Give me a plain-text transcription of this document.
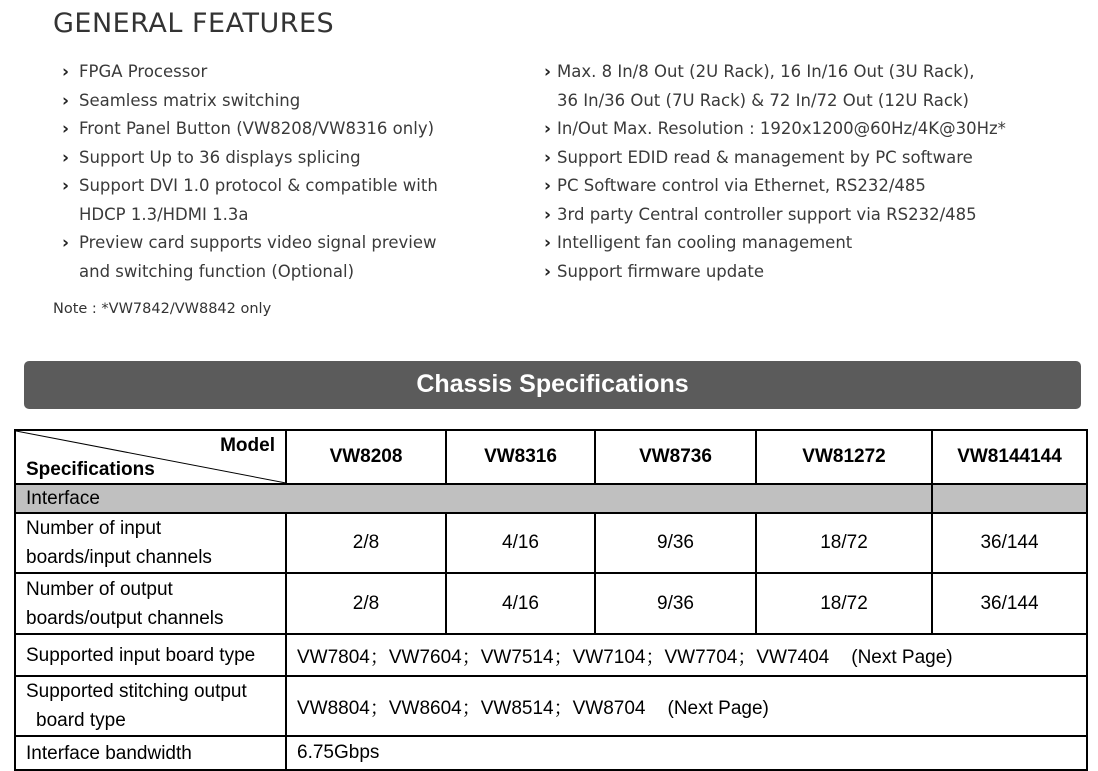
GENERAL FEATURES
› FPGA Processor
› Seamless matrix switching
› Front Panel Button (VW8208/VW8316 only)
› Support Up to 36 displays splicing
› Support DVI 1.0 protocol & compatible with
HDCP 1.3/HDMI 1.3a
› Preview card supports video signal preview
and switching function (Optional)
› Max. 8 In/8 Out (2U Rack), 16 In/16 Out (3U Rack),
36 In/36 Out (7U Rack) & 72 In/72 Out (12U Rack)
› In/Out Max. Resolution : 1920x1200@60Hz/4K@30Hz*
› Support EDID read & management by PC software
› PC Software control via Ethernet, RS232/485
› 3rd party Central controller support via RS232/485
› Intelligent fan cooling management
› Support firmware update
Note : *VW7842/VW8842 only
Chassis Specifications
Model
Specifications	VW8208	VW8316	VW8736	VW81272	VW8144144
Interface					
Number of input
boards/input channels	2/8	4/16	9/36	18/72	36/144
Number of output
boards/output channels	2/8	4/16	9/36	18/72	36/144
Supported input board type	VW7804；VW7604；VW7514；VW7104；VW7704；VW7404 (Next Page)				
Supported stitching output
board type	VW8804；VW8604；VW8514；VW8704 (Next Page)				
Interface bandwidth	6.75Gbps				
